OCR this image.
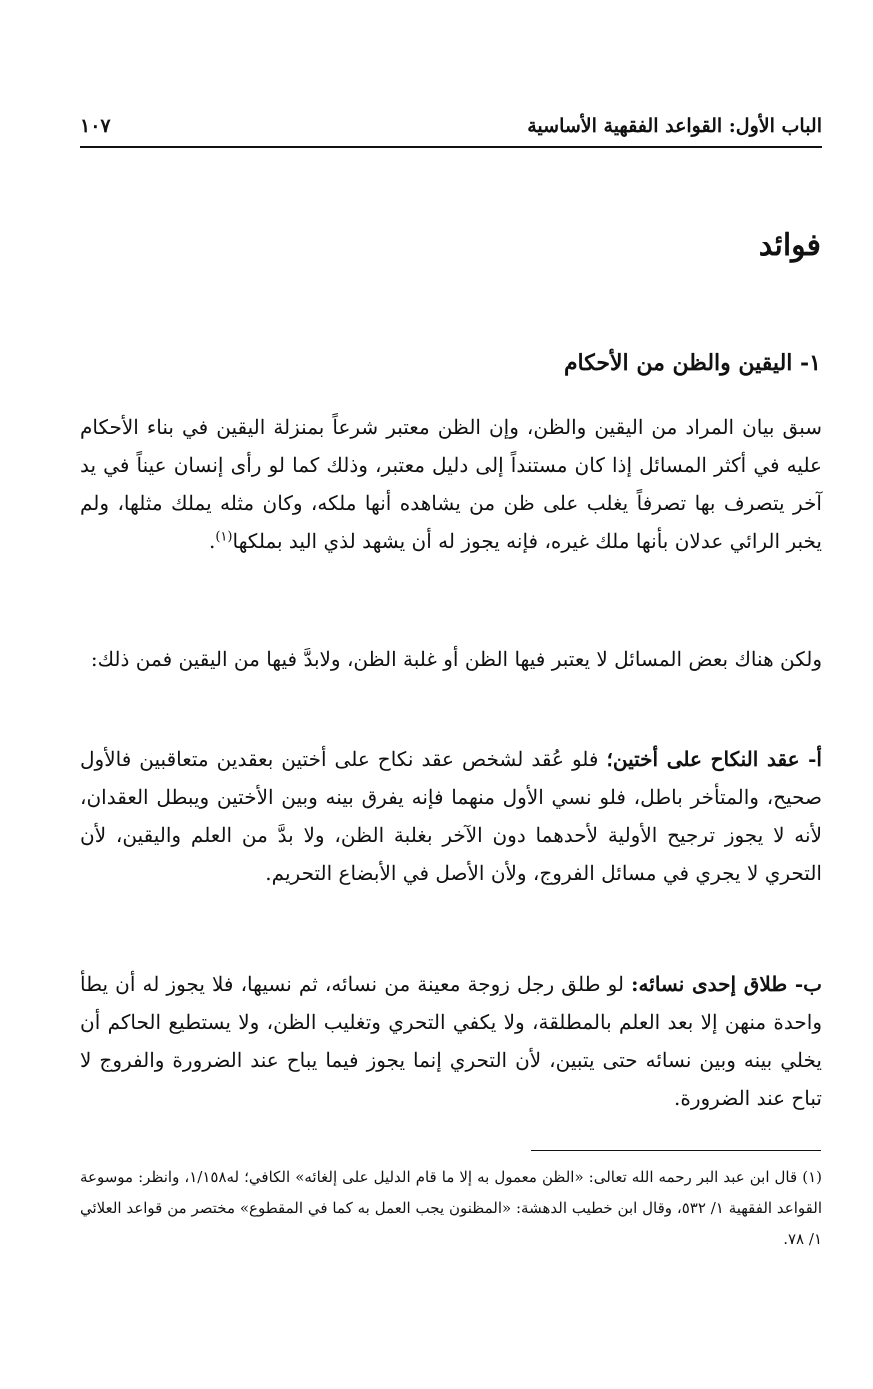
الباب الأول: القواعد الفقهية الأساسية
١٠٧
فوائد
١- اليقين والظن من الأحكام

سبق بيان المراد من اليقين والظن، وإن الظن معتبر شرعاً بمنزلة اليقين في بناء الأحكام عليه في أكثر المسائل إذا كان مستنداً إلى دليل معتبر، وذلك كما لو رأى إنسان عيناً في يد آخر يتصرف بها تصرفاً يغلب على ظن من يشاهده أنها ملكه، وكان مثله يملك مثلها، ولم يخبر الرائي عدلان بأنها ملك غيره، فإنه يجوز له أن يشهد لذي اليد بملكها$^{(١)}$.

ولكن هناك بعض المسائل لا يعتبر فيها الظن أو غلبة الظن، ولابدَّ فيها من اليقين فمن ذلك:

أ- عقد النكاح على أختين؛ فلو عُقد لشخص عقد نكاح على أختين بعقدين متعاقبين فالأول صحيح، والمتأخر باطل، فلو نسي الأول منهما فإنه يفرق بينه وبين الأختين ويبطل العقدان، لأنه لا يجوز ترجيح الأولية لأحدهما دون الآخر بغلبة الظن، ولا بدَّ من العلم واليقين، لأن التحري لا يجري في مسائل الفروج، ولأن الأصل في الأبضاع التحريم.

ب- طلاق إحدى نسائه: لو طلق رجل زوجة معينة من نسائه، ثم نسيها، فلا يجوز له أن يطأ واحدة منهن إلا بعد العلم بالمطلقة، ولا يكفي التحري وتغليب الظن، ولا يستطيع الحاكم أن يخلي بينه وبين نسائه حتى يتبين، لأن التحري إنما يجوز فيما يباح عند الضرورة والفروج لا تباح عند الضرورة.

(١) قال ابن عبد البر رحمه الله تعالى: «الظن معمول به إلا ما قام الدليل على إلغائه» الكافي؛ له١/١٥٨، وانظر: موسوعة القواعد الفقهية ١/ ٥٣٢، وقال ابن خطيب الدهشة: «المظنون يجب العمل به كما في المقطوع» مختصر من قواعد العلائي ١/ ٧٨.
